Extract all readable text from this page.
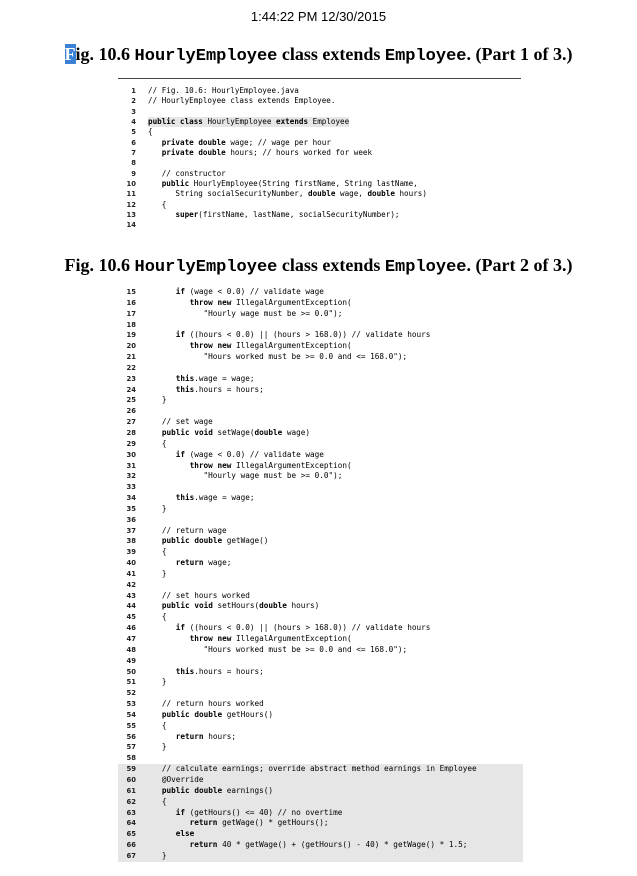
1:44:22 PM 12/30/2015
Fig. 10.6 HourlyEmployee class extends Employee. (Part 1 of 3.)
1 // Fig. 10.6: HourlyEmployee.java
2 // HourlyEmployee class extends Employee.
3
4 public class HourlyEmployee extends Employee
5 {
6	private double wage; // wage per hour
7	private double hours; // hours worked for week
8
9 // constructor
10	public HourlyEmployee(String firstName, String lastName,
11 String socialSecurityNumber, double wage, double hours)
12 {
13	super(firstName, lastName, socialSecurityNumber);
14
Fig. 10.6 HourlyEmployee class extends Employee. (Part 2 of 3.)
15	if (wage < 0.0) // validate wage
16	throw new IllegalArgumentException(
17 "Hourly wage must be >= 0.0");
18
19	if ((hours < 0.0) || (hours > 168.0)) // validate hours
20	throw new IllegalArgumentException(
21 "Hours worked must be >= 0.0 and <= 168.0");
22
23	this.wage = wage;
24	this.hours = hours;
25 }
26
27 // set wage
28	public void setWage(double wage)
29 {
30	if (wage < 0.0) // validate wage
31	throw new IllegalArgumentException(
32 "Hourly wage must be >= 0.0");
33
34	this.wage = wage;
35 }
36
37 // return wage
38	public double getWage()
39 {
40	return wage;
41 }
42
43 // set hours worked
44	public void setHours(double hours)
45 {
46	if ((hours < 0.0) || (hours > 168.0)) // validate hours
47	throw new IllegalArgumentException(
48 "Hours worked must be >= 0.0 and <= 168.0");
49
50	this.hours = hours;
51 }
52
53 // return hours worked
54	public double getHours()
55 {
56	return hours;
57 }
58
59 // calculate earnings; override abstract method earnings in Employee
60 @Override
61	public double earnings()
62 {
63	if (getHours() <= 40) // no overtime
64	return getWage() * getHours();
65	else
66	return 40 * getWage() + (getHours() - 40) * getWage() * 1.5;
67 }
